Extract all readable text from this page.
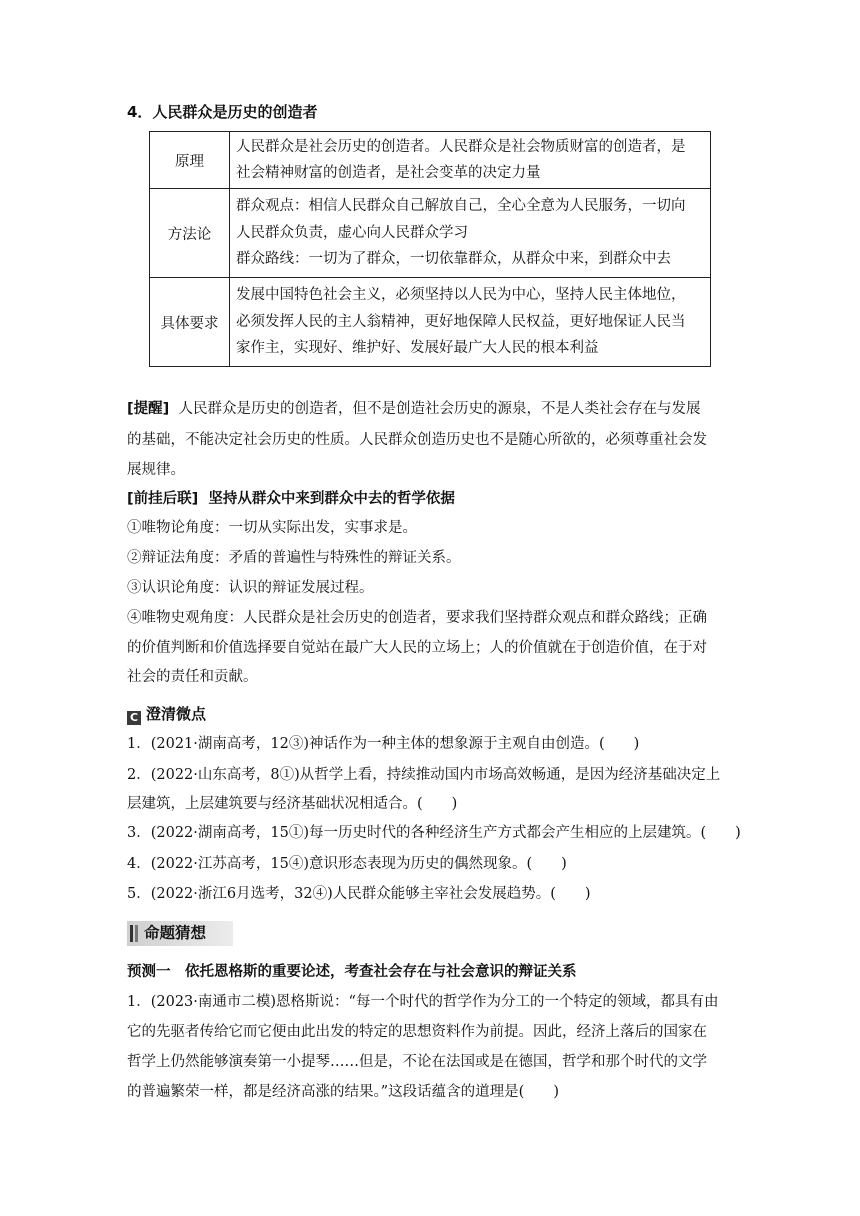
4．人民群众是历史的创造者
原理	人民群众是社会历史的创造者。人民群众是社会物质财富的创造者，是
社会精神财富的创造者，是社会变革的决定力量

方法论	群众观点：相信人民群众自己解放自己，全心全意为人民服务，一切向
人民群众负责，虚心向人民群众学习
群众路线：一切为了群众，一切依靠群众，从群众中来，到群众中去

具体要求	发展中国特色社会主义，必须坚持以人民为中心，坚持人民主体地位，
必须发挥人民的主人翁精神，更好地保障人民权益，更好地保证人民当
家作主，实现好、维护好、发展好最广大人民的根本利益
[提醒] 人民群众是历史的创造者，但不是创造社会历史的源泉，不是人类社会存在与发展
的基础，不能决定社会历史的性质。人民群众创造历史也不是随心所欲的，必须尊重社会发
展规律。
[前挂后联] 坚持从群众中来到群众中去的哲学依据
①唯物论角度：一切从实际出发，实事求是。
②辩证法角度：矛盾的普遍性与特殊性的辩证关系。
③认识论角度：认识的辩证发展过程。
④唯物史观角度：人民群众是社会历史的创造者，要求我们坚持群众观点和群众路线；正确
的价值判断和价值选择要自觉站在最广大人民的立场上；人的价值就在于创造价值，在于对
社会的责任和贡献。
C 澄清微点
1．(2021·湖南高考，12③)神话作为一种主体的想象源于主观自由创造。(　　)
2．(2022·山东高考，8①)从哲学上看，持续推动国内市场高效畅通，是因为经济基础决定上
层建筑，上层建筑要与经济基础状况相适合。(　　)
3．(2022·湖南高考，15①)每一历史时代的各种经济生产方式都会产生相应的上层建筑。(　　)
4．(2022·江苏高考，15④)意识形态表现为历史的偶然现象。(　　)
5．(2022·浙江6月选考，32④)人民群众能够主宰社会发展趋势。(　　)
命题猜想
预测一　依托恩格斯的重要论述，考查社会存在与社会意识的辩证关系
1．(2023·南通市二模)恩格斯说：“每一个时代的哲学作为分工的一个特定的领域，都具有由
它的先驱者传给它而它便由此出发的特定的思想资料作为前提。因此，经济上落后的国家在
哲学上仍然能够演奏第一小提琴……但是，不论在法国或是在德国，哲学和那个时代的文学
的普遍繁荣一样，都是经济高涨的结果。”这段话蕴含的道理是(　　)
